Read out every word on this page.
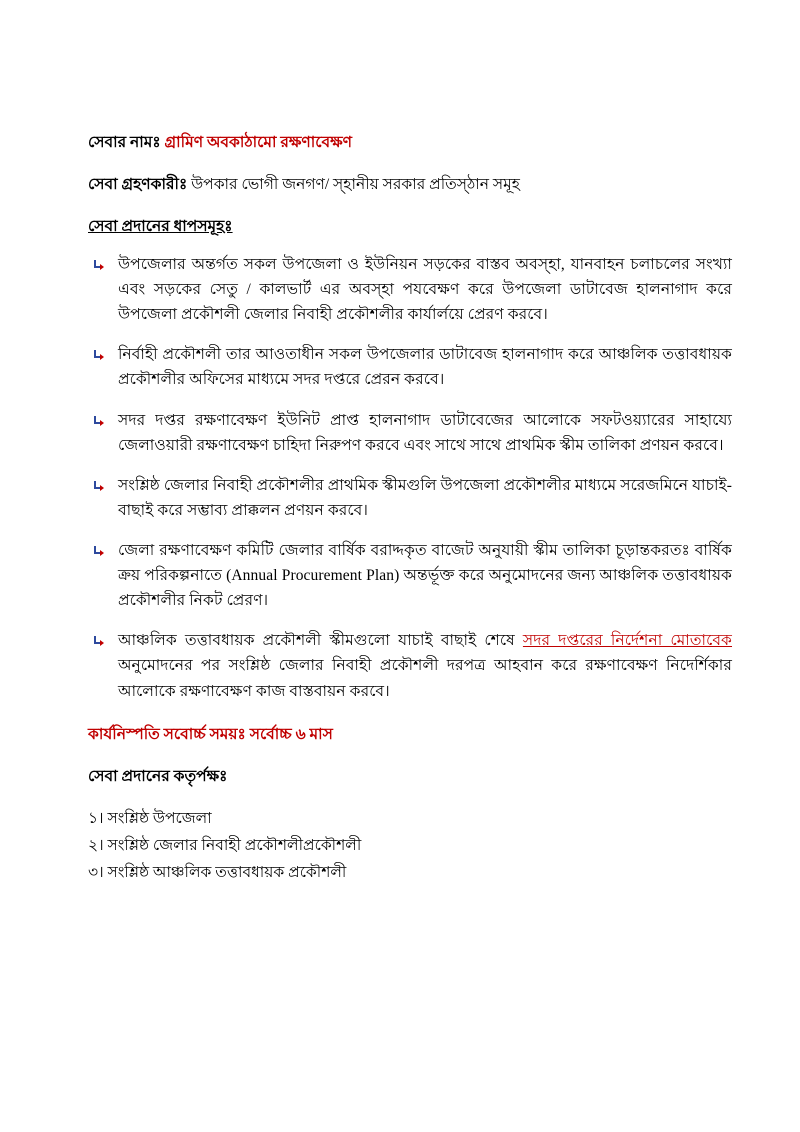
সেবার নামঃ গ্রামিণ অবকাঠামো রক্ষণাবেক্ষণ
সেবা গ্রহণকারীঃ উপকার ভোগী জনগণ/ স্হানীয় সরকার প্রতিস্ঠান সমূহ
সেবা প্রদানের ধাপসমূহঃ
উপজেলার অন্তর্গত সকল উপজেলা ও ইউনিয়ন সড়কের বাস্তব অবস্হা, যানবাহন চলাচলের সংখ্যা এবং সড়কের সেতু / কালভার্ট এর অবস্হা পযবেক্ষণ করে উপজেলা ডাটাবেজ হালনাগাদ করে উপজেলা প্রকৌশলী জেলার নিবাহী প্রকৌশলীর কার্যার্লয়ে প্রেরণ করবে।
নির্বাহী প্রকৌশলী তার আওতাধীন সকল উপজেলার ডাটাবেজ হালনাগাদ করে আঞ্চলিক তত্তাবধায়ক প্রকৌশলীর অফিসের মাধ্যমে সদর দপ্তরে প্রেরন করবে।
সদর দপ্তর রক্ষণাবেক্ষণ ইউনিট প্রাপ্ত হালনাগাদ ডাটাবেজের আলোকে সফটওয়্যারের সাহায্যে জেলাওয়ারী রক্ষণাবেক্ষণ চাহিদা নিরুপণ করবে এবং সাথে সাথে প্রাথমিক স্কীম তালিকা প্রণয়ন করবে।
সংশ্লিষ্ঠ জেলার নিবাহী প্রকৌশলীর প্রাথমিক স্কীমগুলি উপজেলা প্রকৌশলীর মাধ্যমে সরেজমিনে যাচাই-বাছাই করে সম্ভাব্য প্রাক্কলন প্রণয়ন করবে।
জেলা রক্ষণাবেক্ষণ কমিটি জেলার বার্ষিক বরাদ্দকৃত বাজেট অনুযায়ী স্কীম তালিকা চূড়ান্তকরতঃ বার্ষিক ক্রয় পরিকল্পনাতে (Annual Procurement Plan) অন্তর্ভূক্ত করে অনুমোদনের জন্য আঞ্চলিক তত্তাবধায়ক প্রকৌশলীর নিকট প্রেরণ।
আঞ্চলিক তত্তাবধায়ক প্রকৌশলী স্কীমগুলো যাচাই বাছাই শেষে সদর দপ্তরের নির্দেশনা মোতাবেক অনুমোদনের পর সংশ্লিষ্ঠ জেলার নিবাহী প্রকৌশলী দরপত্র আহবান করে রক্ষণাবেক্ষণ নিদের্শিকার আলোকে রক্ষণাবেক্ষণ কাজ বাস্তবায়ন করবে।
কার্যনিস্পতি সবোর্চ্চ সময়ঃ সর্বোচ্চ ৬ মাস
সেবা প্রদানের কতৃর্পক্ষঃ
১। সংশ্লিষ্ঠ উপজেলা
২। সংশ্লিষ্ঠ জেলার নিবাহী প্রকৌশলীপ্রকৌশলী
৩। সংশ্লিষ্ঠ আঞ্চলিক তত্তাবধায়ক প্রকৌশলী
